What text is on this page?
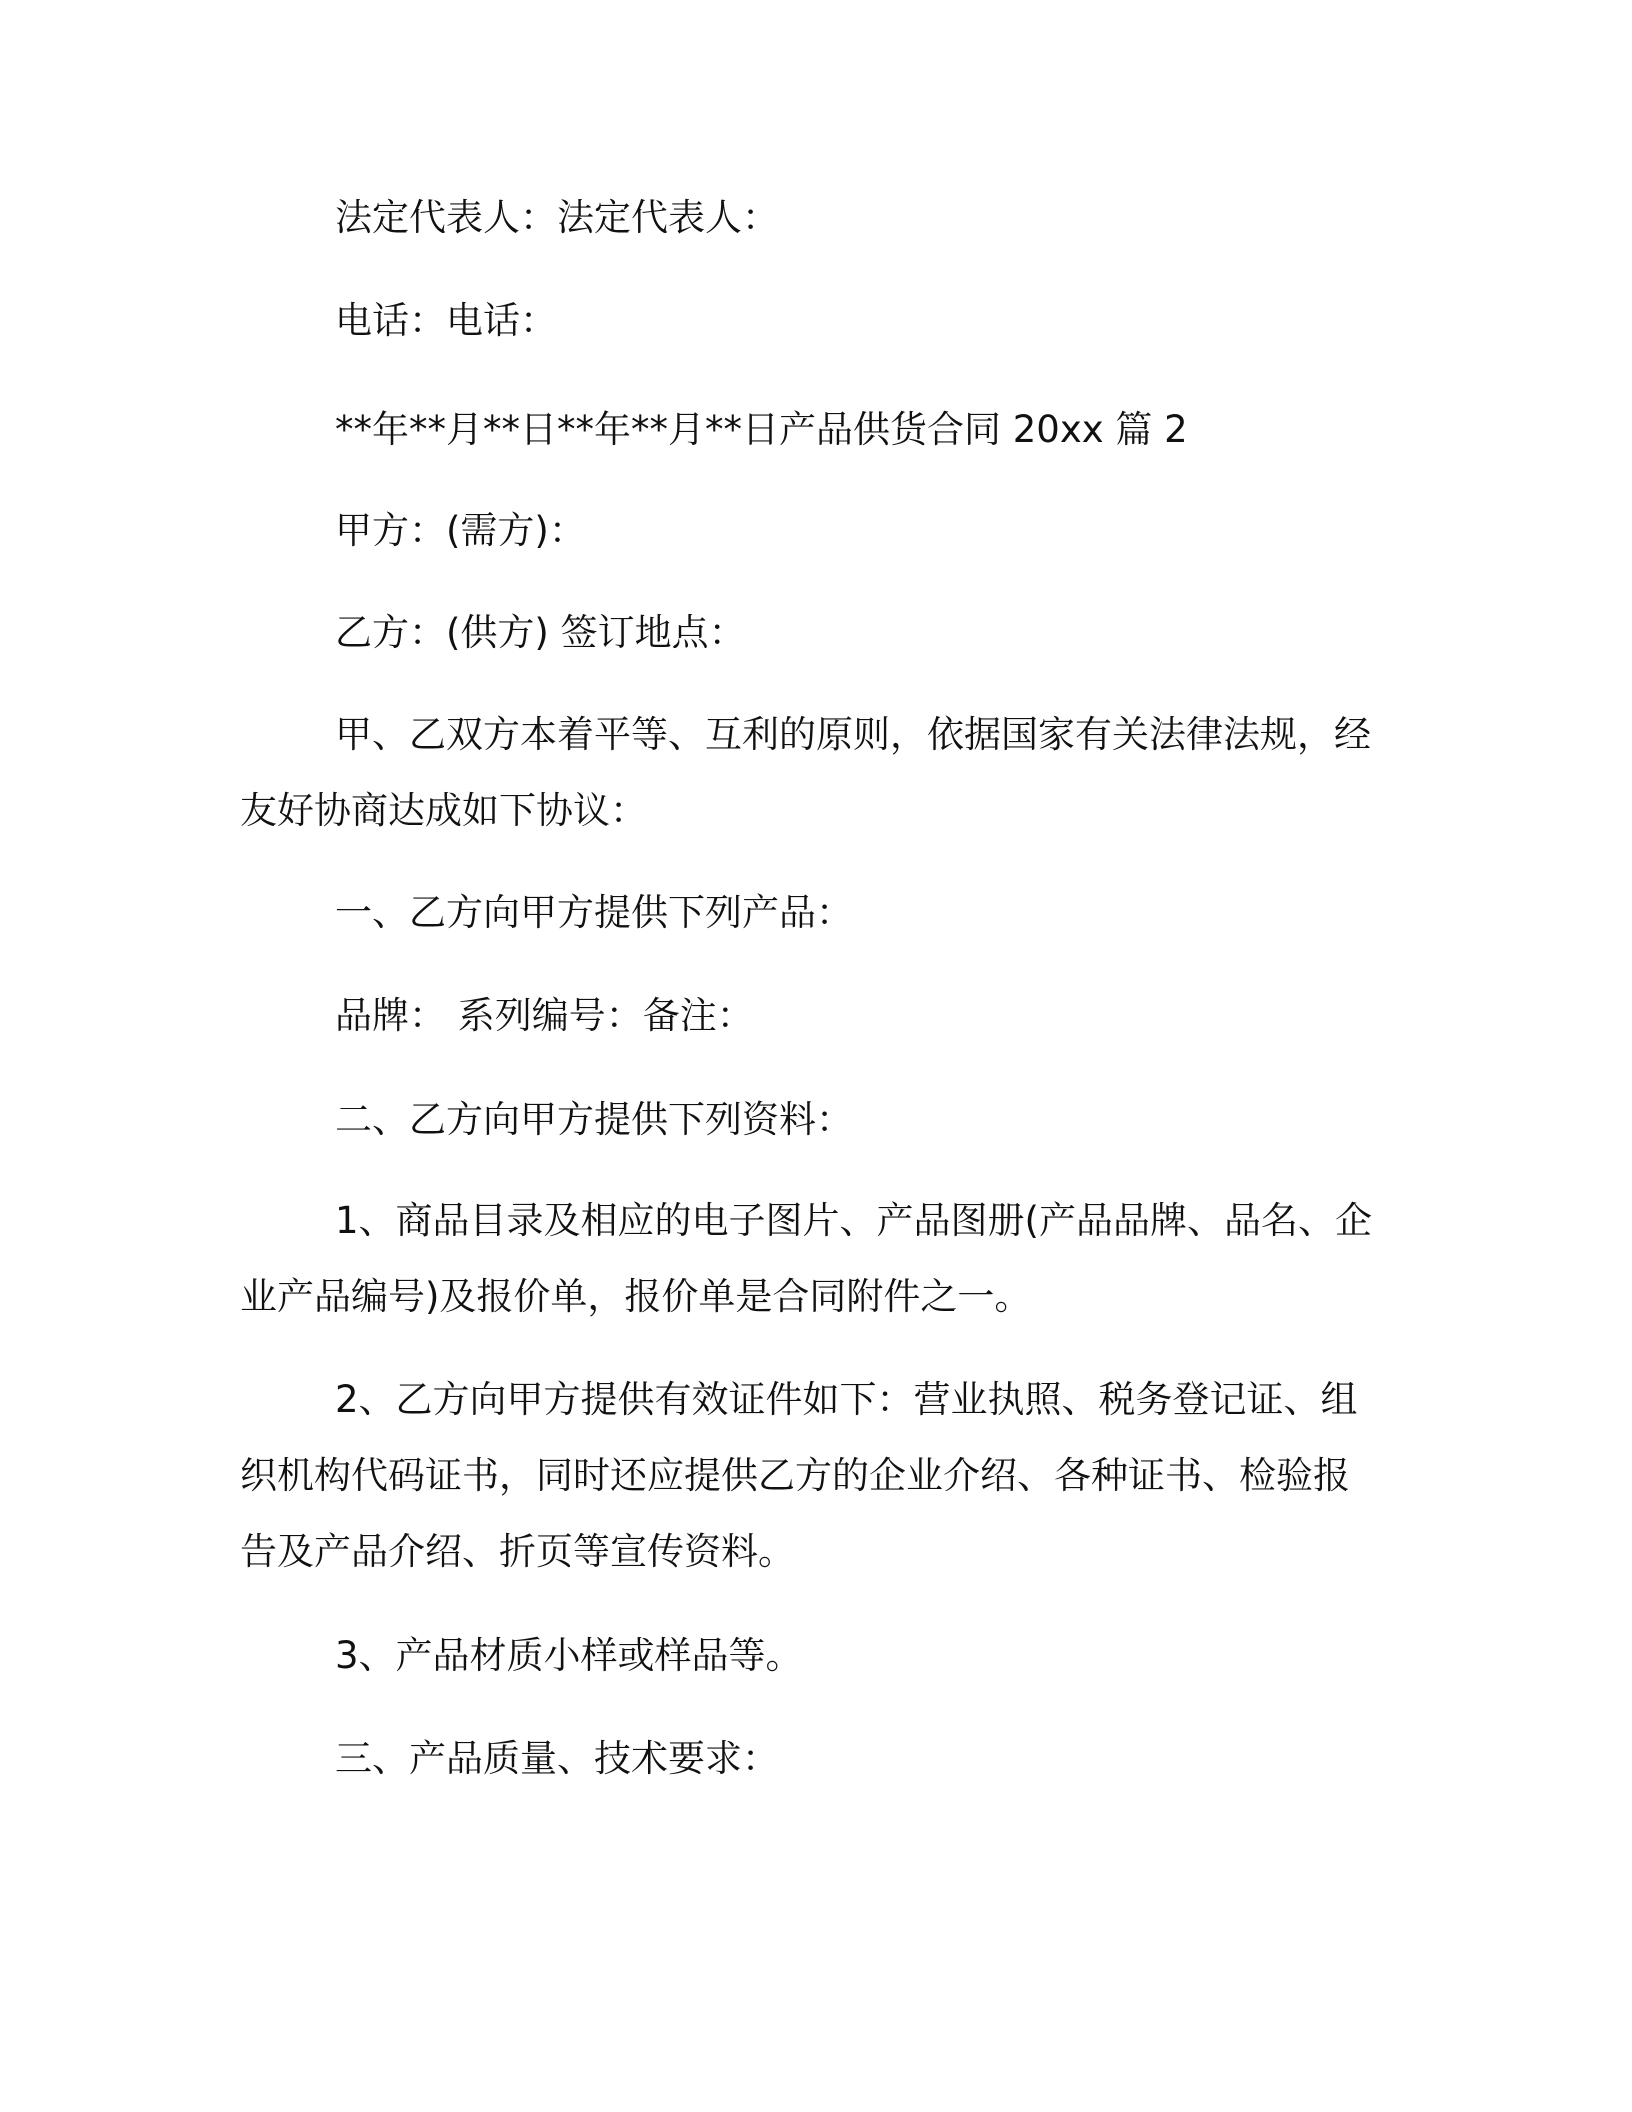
法定代表人：法定代表人：

电话：电话：

**年**月**日**年**月**日产品供货合同 20xx 篇 2

甲方：(需方)：

乙方：(供方) 签订地点：

甲、乙双方本着平等、互利的原则，依据国家有关法律法规，经友好协商达成如下协议：

一、乙方向甲方提供下列产品：

品牌： 系列编号：备注：

二、乙方向甲方提供下列资料：

1、商品目录及相应的电子图片、产品图册(产品品牌、品名、企业产品编号)及报价单，报价单是合同附件之一。

2、乙方向甲方提供有效证件如下：营业执照、税务登记证、组织机构代码证书，同时还应提供乙方的企业介绍、各种证书、检验报告及产品介绍、折页等宣传资料。

3、产品材质小样或样品等。

三、产品质量、技术要求：
